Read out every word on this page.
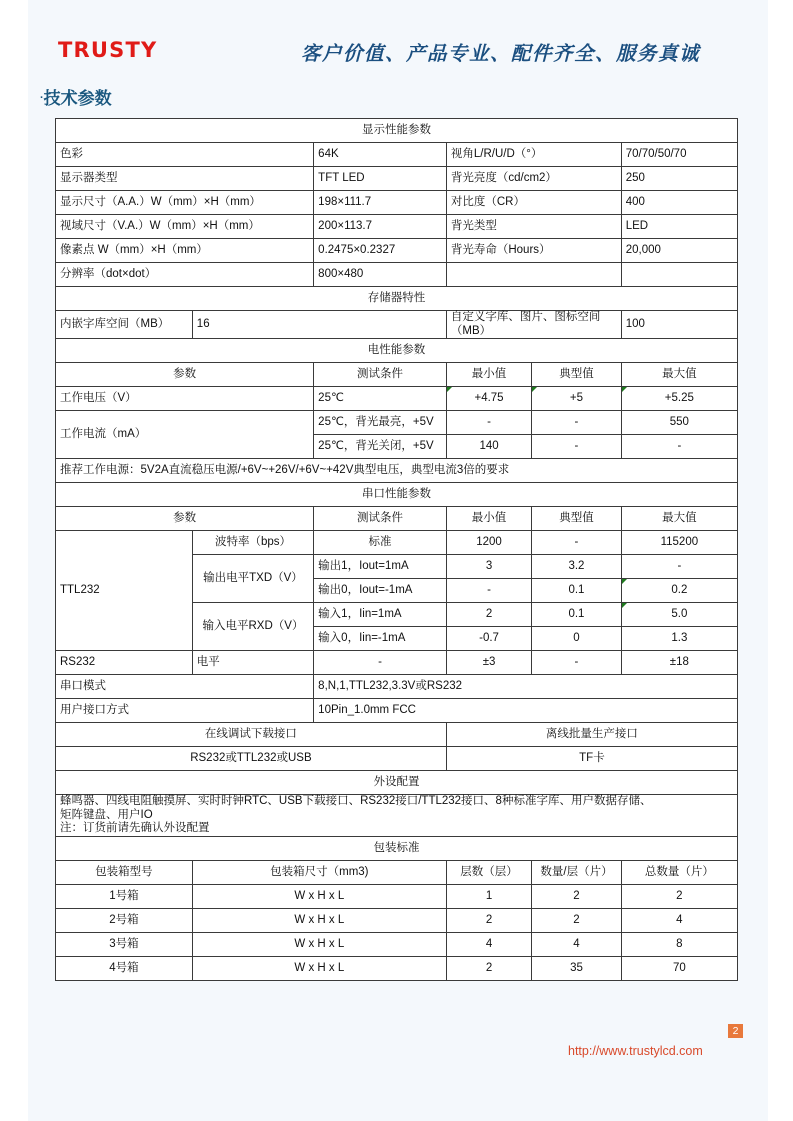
TRUSTY	客户价值、产品专业、配件齐全、服务真诚
·技术参数
显示性能参数					
色彩		64K	视角L/R/U/D（°）		70/70/50/70
显示器类型		TFT LED	背光亮度（cd/cm2）		250
显示尺寸（A.A.）W（mm）×H（mm）		198×111.7	对比度（CR）		400
视域尺寸（V.A.）W（mm）×H（mm）		200×113.7	背光类型		LED
像素点 W（mm）×H（mm）		0.2475×0.2327	背光寿命（Hours）		20,000
分辨率（dot×dot）		800×480			
存储器特性					
内嵌字库空间（MB）	16		自定义字库、图片、图标空间（MB）		100
电性能参数					
参数		测试条件	最小值	典型值	最大值
工作电压（V）		25℃	+4.75	+5	+5.25
工作电流（mA）		25℃，背光最亮，+5V	-	-	550
		25℃，背光关闭，+5V	140	-	-
推荐工作电源：5V2A直流稳压电源/+6V~+26V/+6V~+42V典型电压，典型电流3倍的要求					
串口性能参数					
参数		测试条件	最小值	典型值	最大值
TTL232	波特率（bps）	标准	1200	-	115200
	输出电平TXD（V）	输出1，Iout=1mA	3	3.2	-
		输出0，Iout=-1mA	-	0.1	0.2
	输入电平RXD（V）	输入1，Iin=1mA	2	0.1	5.0
		输入0，Iin=-1mA	-0.7	0	1.3
RS232	电平	-	±3	-	±18
串口模式		8,N,1,TTL232,3.3V或RS232			
用户接口方式		10Pin_1.0mm FCC			
在线调试下载接口			离线批量生产接口		
RS232或TTL232或USB			TF卡		
外设配置					

蜂鸣器、四线电阻触摸屏、实时时钟RTC、USB下载接口、RS232接口/TTL232接口、8种标准字库、用户数据存储、
矩阵键盘、用户IO
注：订货前请先确认外设配置					

包装标准					
包装箱型号	包装箱尺寸（mm3)		层数（层）	数量/层（片）	总数量（片）
1号箱	W x H x L		1	2	2
2号箱	W x H x L		2	2	4
3号箱	W x H x L		4	4	8
4号箱	W x H x L		2	35	70
2
http://www.trustylcd.com
